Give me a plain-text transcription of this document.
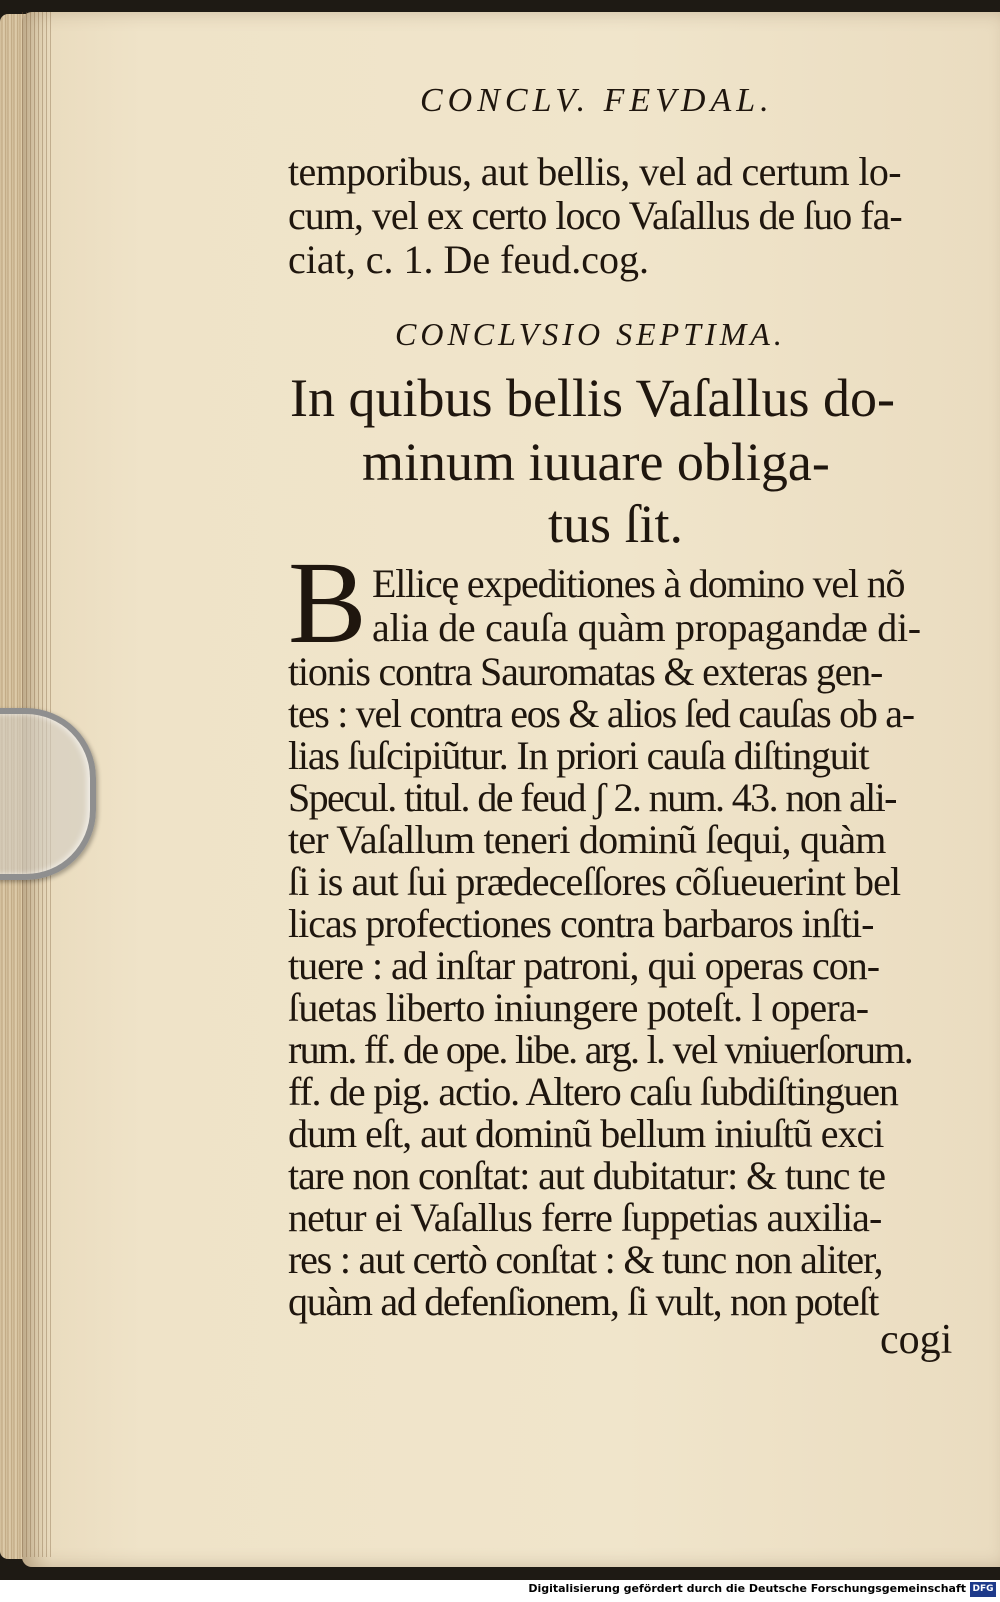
CONCLV. FEVDAL.
temporibus, aut bellis, vel ad certum lo-
cum, vel ex certo loco Vaſallus de ſuo fa-
ciat, c. 1. De feud.cog.
CONCLVSIO SEPTIMA.
In quibus bellis Vaſallus do-
minum iuuare obliga-
tus ſit.
B Ellicę expeditiones à domino vel nõ
alia de cauſa quàm propagandæ di-
tionis contra Sauromatas & exteras gen-
tes : vel contra eos & alios ſed cauſas ob a-
lias ſuſcipiũtur. In priori cauſa diſtinguit
Specul. titul. de feud ʃ 2. num. 43. non ali-
ter Vaſallum teneri dominũ ſequi, quàm
ſi is aut ſui prædeceſſores cõſueuerint bel
licas profectiones contra barbaros inſti-
tuere : ad inſtar patroni, qui operas con-
ſuetas liberto iniungere poteſt. l opera-
rum. ff. de ope. libe. arg. l. vel vniuerſorum.
ff. de pig. actio. Altero caſu ſubdiſtinguen
dum eſt, aut dominũ bellum iniuſtũ exci
tare non conſtat: aut dubitatur: & tunc te
netur ei Vaſallus ferre ſuppetias auxilia-
res : aut certò conſtat : & tunc non aliter,
quàm ad defenſionem, ſi vult, non poteſt
cogi
Digitalisierung gefördert durch die Deutsche Forschungsgemeinschaft DFG
